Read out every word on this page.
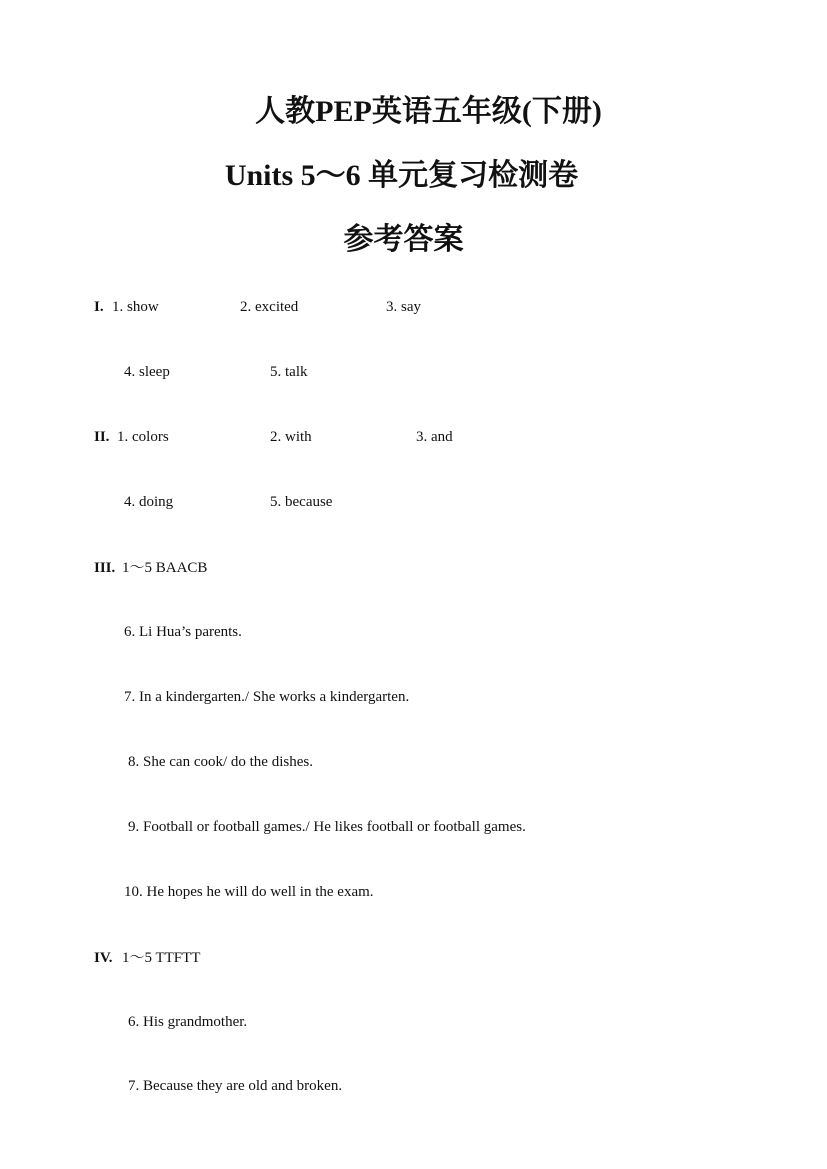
人教PEP英语五年级(下册)
Units 5～6 单元复习检测卷
参考答案
I. 1. show	2. excited	3. say
4. sleep	5. talk
II. 1. colors	2. with	3. and
4. doing	5. because
III. 1～5 BAACB
6. Li Hua’s parents.
7. In a kindergarten./ She works a kindergarten.
8. She can cook/ do the dishes.
9. Football or football games./ He likes football or football games.
10. He hopes he will do well in the exam.
IV. 1～5 TTFTT
6. His grandmother.
7. Because they are old and broken.
